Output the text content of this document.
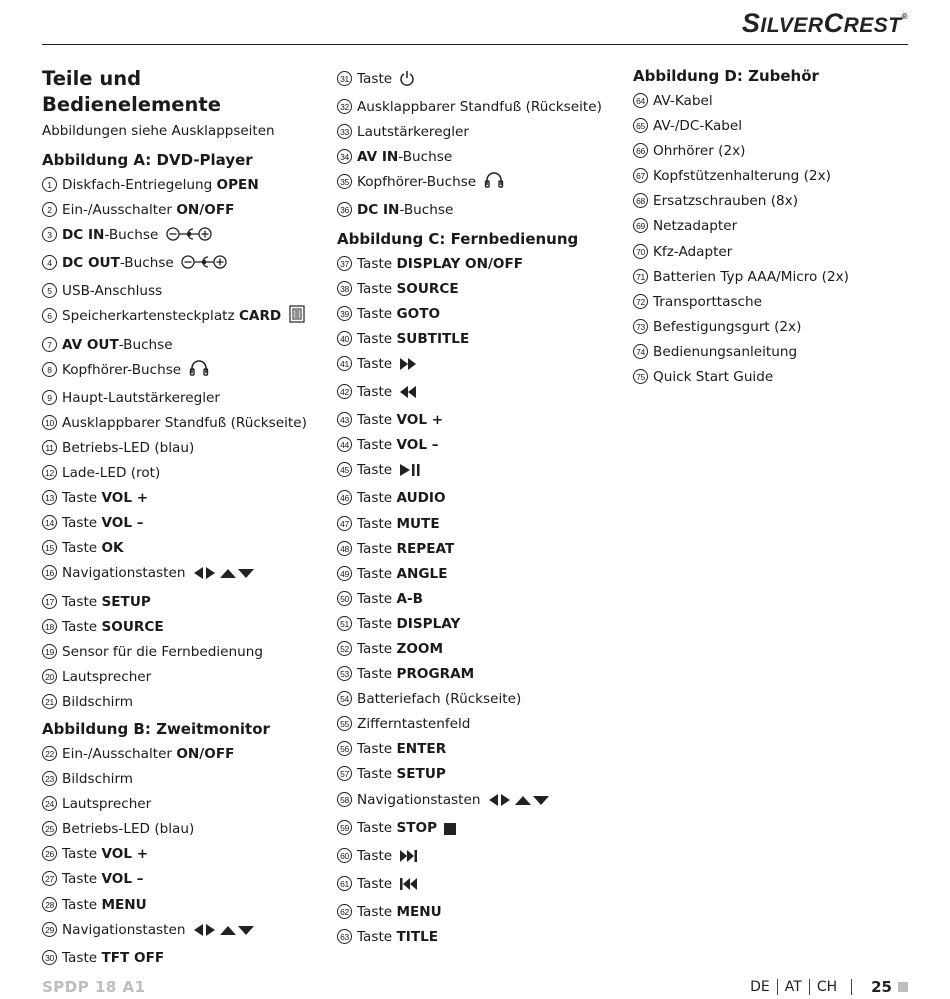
SILVERCREST®
Teile und Bedienelemente
Abbildungen siehe Ausklappseiten
Abbildung A: DVD-Player
1 Diskfach-Entriegelung OPEN
2 Ein-/Ausschalter ON/OFF
3 DC IN-Buchse
4 DC OUT-Buchse
5 USB-Anschluss
6 Speicherkartensteckplatz CARD
7 AV OUT-Buchse
8 Kopfhörer-Buchse
9 Haupt-Lautstärkeregler
10 Ausklappbarer Standfuß (Rückseite)
11 Betriebs-LED (blau)
12 Lade-LED (rot)
13 Taste VOL +
14 Taste VOL –
15 Taste OK
16 Navigationstasten
17 Taste SETUP
18 Taste SOURCE
19 Sensor für die Fernbedienung
20 Lautsprecher
21 Bildschirm
Abbildung B: Zweitmonitor
22 Ein-/Ausschalter ON/OFF
23 Bildschirm
24 Lautsprecher
25 Betriebs-LED (blau)
26 Taste VOL +
27 Taste VOL –
28 Taste MENU
29 Navigationstasten
30 Taste TFT OFF
31 Taste
32 Ausklappbarer Standfuß (Rückseite)
33 Lautstärkeregler
34 AV IN-Buchse
35 Kopfhörer-Buchse
36 DC IN-Buchse
Abbildung C: Fernbedienung
37 Taste DISPLAY ON/OFF
38 Taste SOURCE
39 Taste GOTO
40 Taste SUBTITLE
41 Taste
42 Taste
43 Taste VOL +
44 Taste VOL –
45 Taste
46 Taste AUDIO
47 Taste MUTE
48 Taste REPEAT
49 Taste ANGLE
50 Taste A-B
51 Taste DISPLAY
52 Taste ZOOM
53 Taste PROGRAM
54 Batteriefach (Rückseite)
55 Zifferntastenfeld
56 Taste ENTER
57 Taste SETUP
58 Navigationstasten
59 Taste STOP
60 Taste
61 Taste
62 Taste MENU
63 Taste TITLE
Abbildung D: Zubehör
64 AV-Kabel
65 AV-/DC-Kabel
66 Ohrhörer (2x)
67 Kopfstützenhalterung (2x)
68 Ersatzschrauben (8x)
69 Netzadapter
70 Kfz-Adapter
71 Batterien Typ AAA/Micro (2x)
72 Transporttasche
73 Befestigungsgurt (2x)
74 Bedienungsanleitung
75 Quick Start Guide
SPDP 18 A1	DE AT CH 25
